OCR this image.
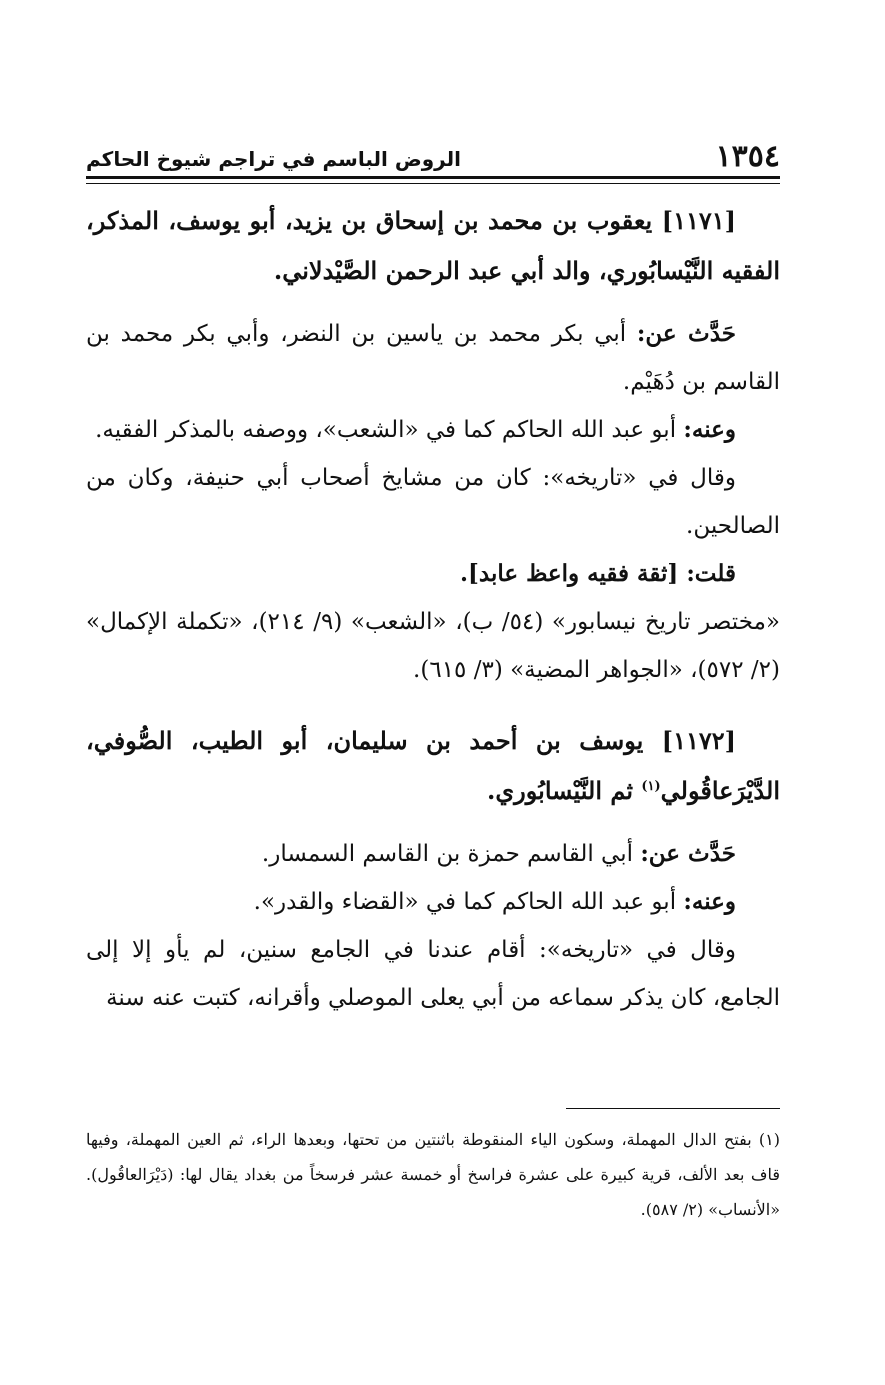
١٣٥٤
الروض الباسم في تراجم شيوخ الحاكم

[١١٧١] يعقوب بن محمد بن إسحاق بن يزيد، أبو يوسف، المذكر، الفقيه النَّيْسابُوري، والد أبي عبد الرحمن الصَّيْدلاني.

حَدَّث عن: أبي بكر محمد بن ياسين بن النضر، وأبي بكر محمد بن القاسم بن دُهَيْم.

وعنه: أبو عبد الله الحاكم كما في «الشعب»، ووصفه بالمذكر الفقيه.

وقال في «تاريخه»: كان من مشايخ أصحاب أبي حنيفة، وكان من الصالحين.

قلت: [ثقة فقيه واعظ عابد].

«مختصر تاريخ نيسابور» (٥٤/ ب)، «الشعب» (٩/ ٢١٤)، «تكملة الإكمال» (٢/ ٥٧٢)، «الجواهر المضية» (٣/ ٦١٥).

[١١٧٢] يوسف بن أحمد بن سليمان، أبو الطيب، الصُّوفي، الدَّيْرَعاقُولي$^{(١)}$ ثم النَّيْسابُوري.

حَدَّث عن: أبي القاسم حمزة بن القاسم السمسار.

وعنه: أبو عبد الله الحاكم كما في «القضاء والقدر».

وقال في «تاريخه»: أقام عندنا في الجامع سنين، لم يأو إلا إلى الجامع، كان يذكر سماعه من أبي يعلى الموصلي وأقرانه، كتبت عنه سنة

(١) بفتح الدال المهملة، وسكون الياء المنقوطة باثنتين من تحتها، وبعدها الراء، ثم العين المهملة، وفيها قاف بعد الألف، قرية كبيرة على عشرة فراسخ أو خمسة عشر فرسخاً من بغداد يقال لها: (دَيْرَالعاقُول). «الأنساب» (٢/ ٥٨٧).
